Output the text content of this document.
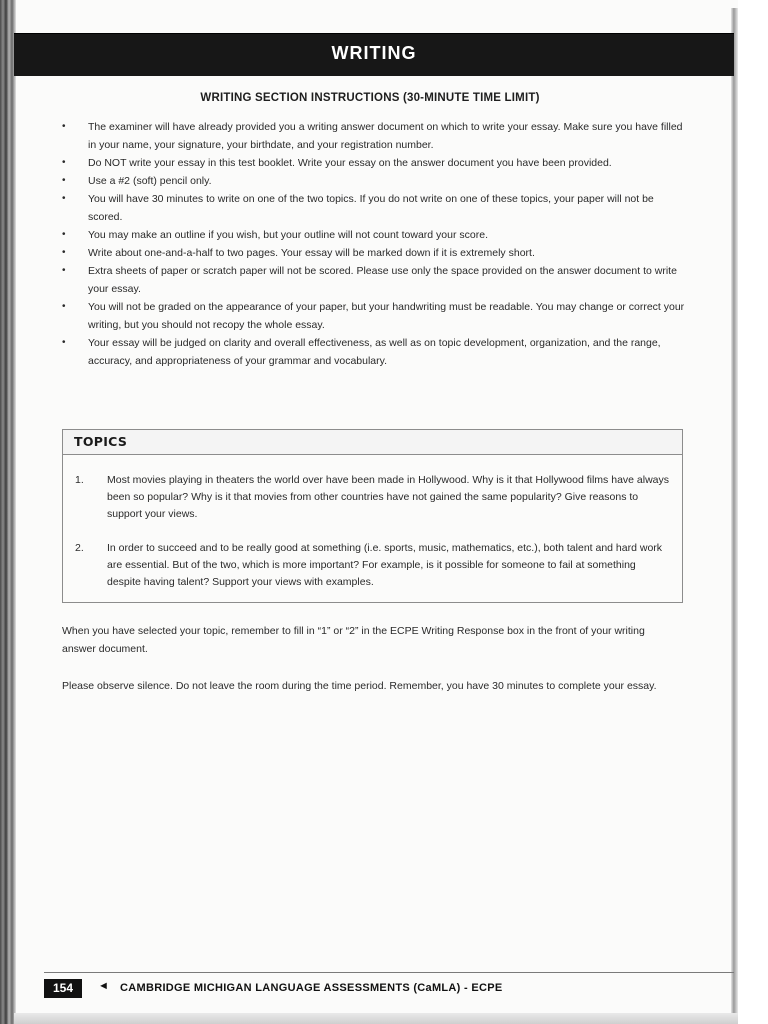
WRITING
WRITING SECTION INSTRUCTIONS (30-MINUTE TIME LIMIT)
• The examiner will have already provided you a writing answer document on which to write your essay. Make sure you have filled in your name, your signature, your birthdate, and your registration number.
• Do NOT write your essay in this test booklet. Write your essay on the answer document you have been provided.
• Use a #2 (soft) pencil only.
• You will have 30 minutes to write on one of the two topics. If you do not write on one of these topics, your paper will not be scored.
• You may make an outline if you wish, but your outline will not count toward your score.
• Write about one-and-a-half to two pages. Your essay will be marked down if it is extremely short.
• Extra sheets of paper or scratch paper will not be scored. Please use only the space provided on the answer document to write your essay.
• You will not be graded on the appearance of your paper, but your handwriting must be readable. You may change or correct your writing, but you should not recopy the whole essay.
• Your essay will be judged on clarity and overall effectiveness, as well as on topic development, organization, and the range, accuracy, and appropriateness of your grammar and vocabulary.
TOPICS
1. Most movies playing in theaters the world over have been made in Hollywood. Why is it that Hollywood films have always been so popular? Why is it that movies from other countries have not gained the same popularity? Give reasons to support your views.
2. In order to succeed and to be really good at something (i.e. sports, music, mathematics, etc.), both talent and hard work are essential. But of the two, which is more important? For example, is it possible for someone to fail at something despite having talent? Support your views with examples.
When you have selected your topic, remember to fill in “1” or “2” in the ECPE Writing Response box in the front of your writing answer document.
Please observe silence. Do not leave the room during the time period. Remember, you have 30 minutes to complete your essay.
154	◄ CAMBRIDGE MICHIGAN LANGUAGE ASSESSMENTS (CaMLA) - ECPE
